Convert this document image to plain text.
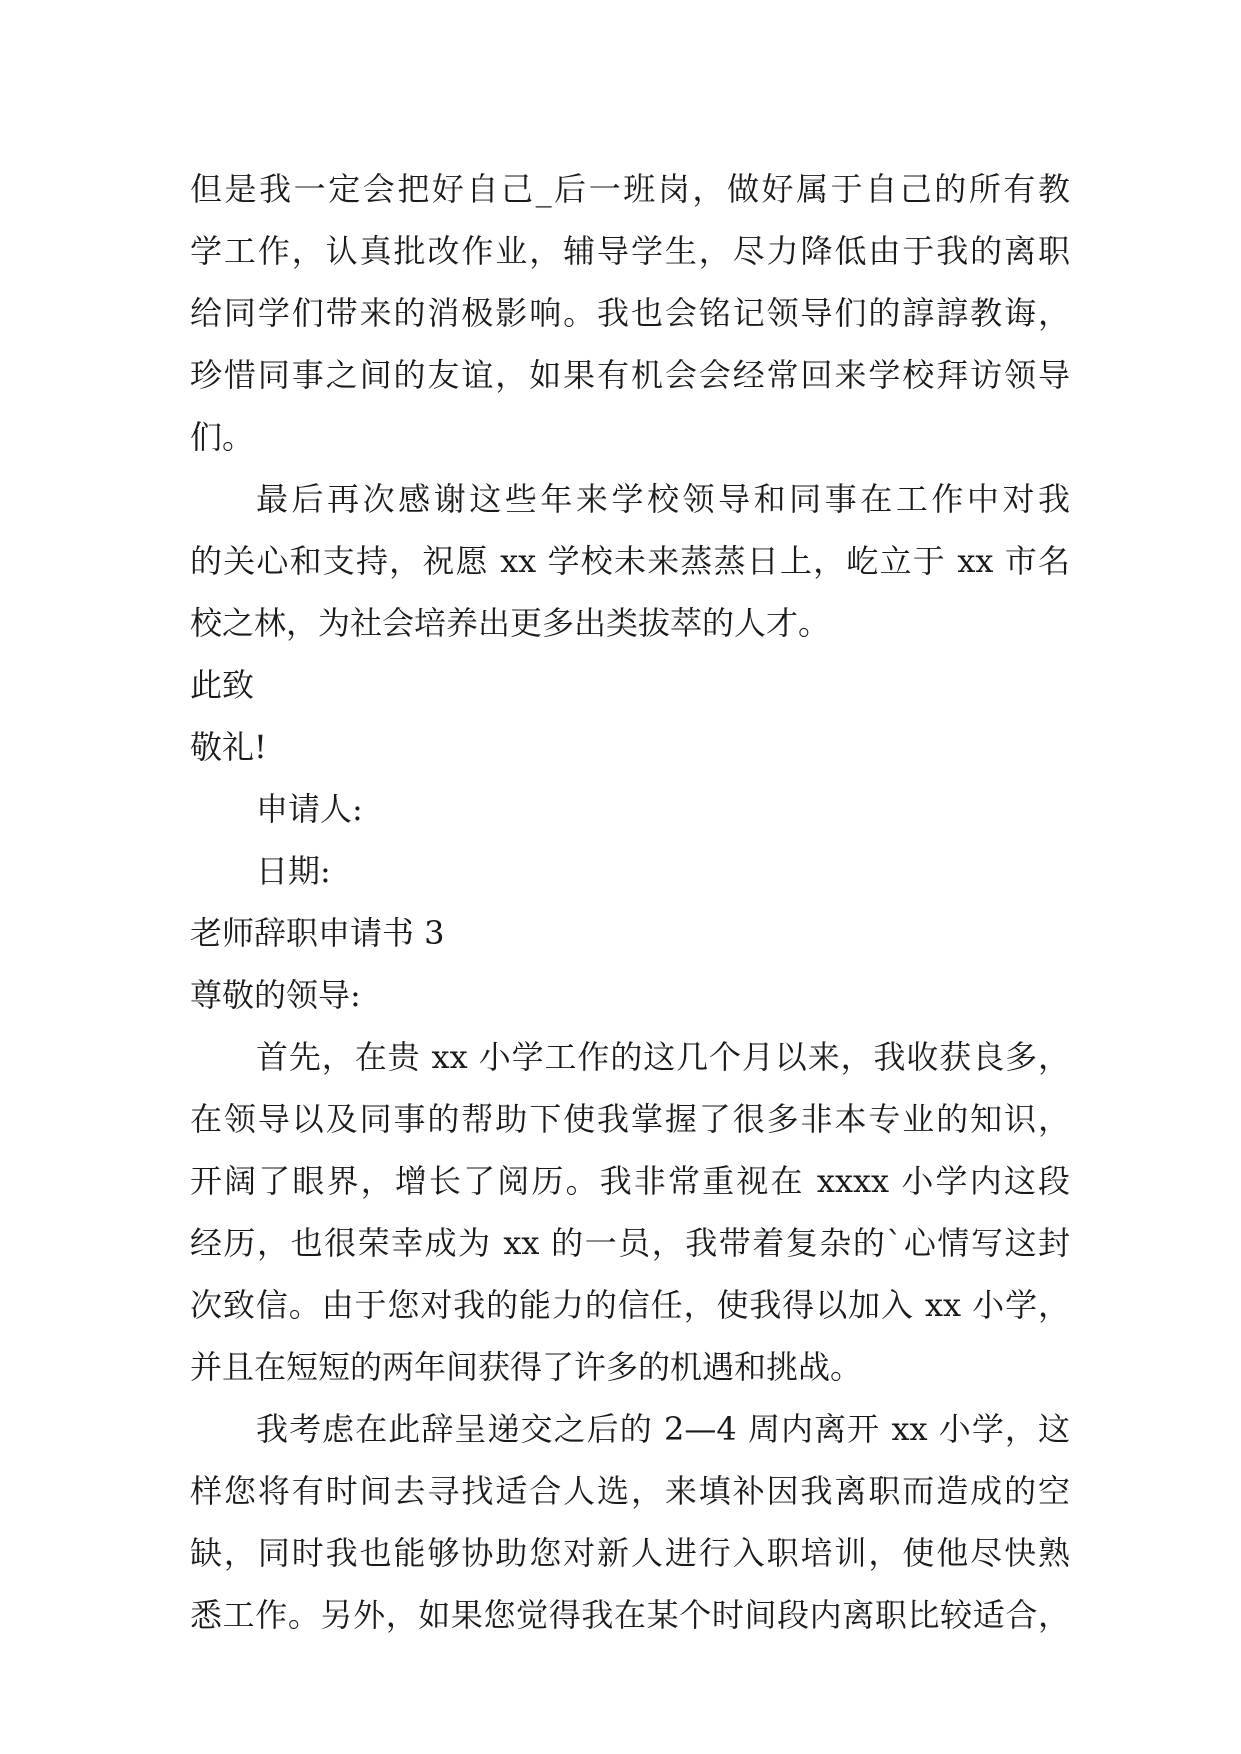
但是我一定会把好自己_后一班岗，做好属于自己的所有教
学工作，认真批改作业，辅导学生，尽力降低由于我的离职
给同学们带来的消极影响。我也会铭记领导们的諄諄教诲，
珍惜同事之间的友谊，如果有机会会经常回来学校拜访领导
们。
最后再次感谢这些年来学校领导和同事在工作中对我
的关心和支持，祝愿 xx 学校未来蒸蒸日上，屹立于 xx 市名
校之林，为社会培养出更多出类拔萃的人才。
此致
敬礼!
申请人:
日期:
老师辞职申请书 3
尊敬的领导:
首先，在贵 xx 小学工作的这几个月以来，我收获良多，
在领导以及同事的帮助下使我掌握了很多非本专业的知识，
开阔了眼界，增长了阅历。我非常重视在 xxxx 小学内这段
经历，也很荣幸成为 xx 的一员，我带着复杂的`心情写这封
次致信。由于您对我的能力的信任，使我得以加入 xx 小学，
并且在短短的两年间获得了许多的机遇和挑战。
我考虑在此辞呈递交之后的 2—4 周内离开 xx 小学，这
样您将有时间去寻找适合人选，来填补因我离职而造成的空
缺，同时我也能够协助您对新人进行入职培训，使他尽快熟
悉工作。另外，如果您觉得我在某个时间段内离职比较适合，
